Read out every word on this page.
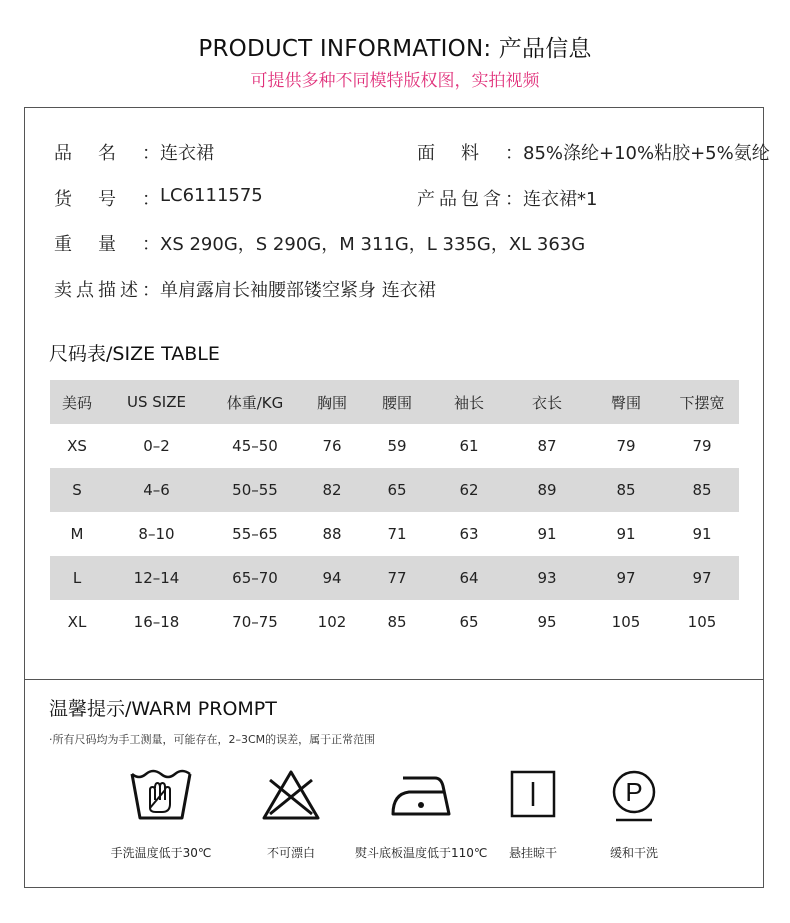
PRODUCT INFORMATION: 产品信息
可提供多种不同模特版权图，实拍视频
品名： 连衣裙	面料： 85%涤纶+10%粘胶+5%氨纶
货号： LC6111575	产品包含： 连衣裙*1
重量： XS 290G，S 290G，M 311G，L 335G，XL 363G
卖点描述： 单肩露肩长袖腰部镂空紧身 连衣裙
尺码表/SIZE TABLE
美码	US SIZE	体重/KG	胸围	腰围	袖长	衣长	臀围	下摆宽
XS	0–2	45–50	76	59	61	87	79	79
S	4–6	50–55	82	65	62	89	85	85
M	8–10	55–65	88	71	63	91	91	91
L	12–14	65–70	94	77	64	93	97	97
XL	16–18	70–75	102	85	65	95	105	105
温馨提示/WARM PROMPT
·所有尺码均为手工测量，可能存在，2–3CM的误差，属于正常范围
手洗温度低于30℃	不可漂白	熨斗底板温度低于110℃	悬挂晾干
P
缓和干洗
